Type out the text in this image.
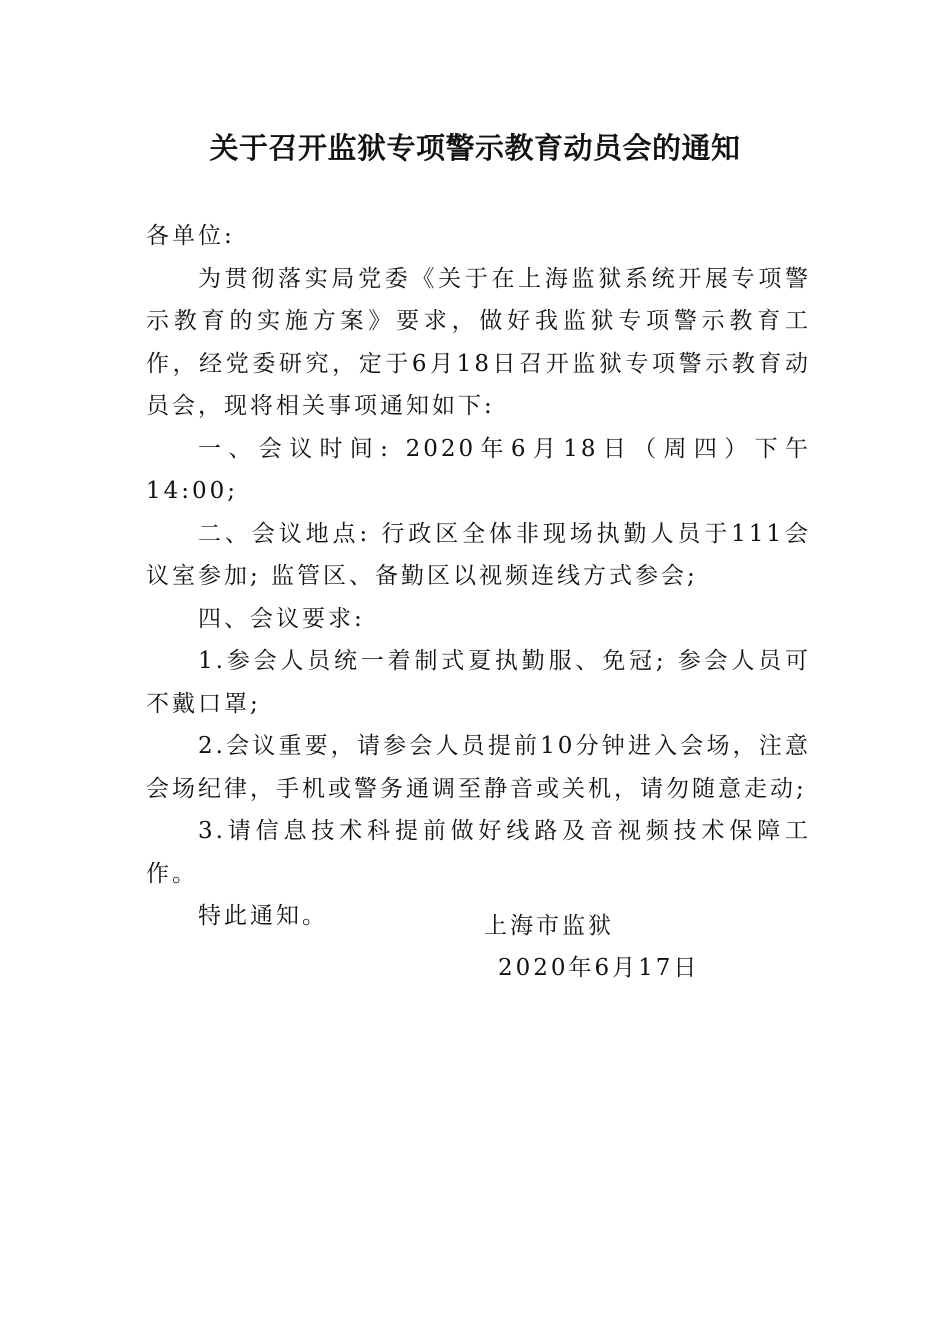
关于召开监狱专项警示教育动员会的通知

各单位:

为贯彻落实局党委《关于在上海监狱系统开展专项警示教育的实施方案》要求，做好我监狱专项警示教育工作，经党委研究，定于6月18日召开监狱专项警示教育动员会，现将相关事项通知如下:

一、会议时间: 2020年6月18日（周四）下午14:00;

二、会议地点: 行政区全体非现场执勤人员于111会议室参加; 监管区、备勤区以视频连线方式参会;

四、会议要求:

1.参会人员统一着制式夏执勤服、免冠; 参会人员可不戴口罩;

2.会议重要，请参会人员提前10分钟进入会场，注意会场纪律，手机或警务通调至静音或关机，请勿随意走动;

3.请信息技术科提前做好线路及音视频技术保障工作。

特此通知。	上海市监狱
2020年6月17日
